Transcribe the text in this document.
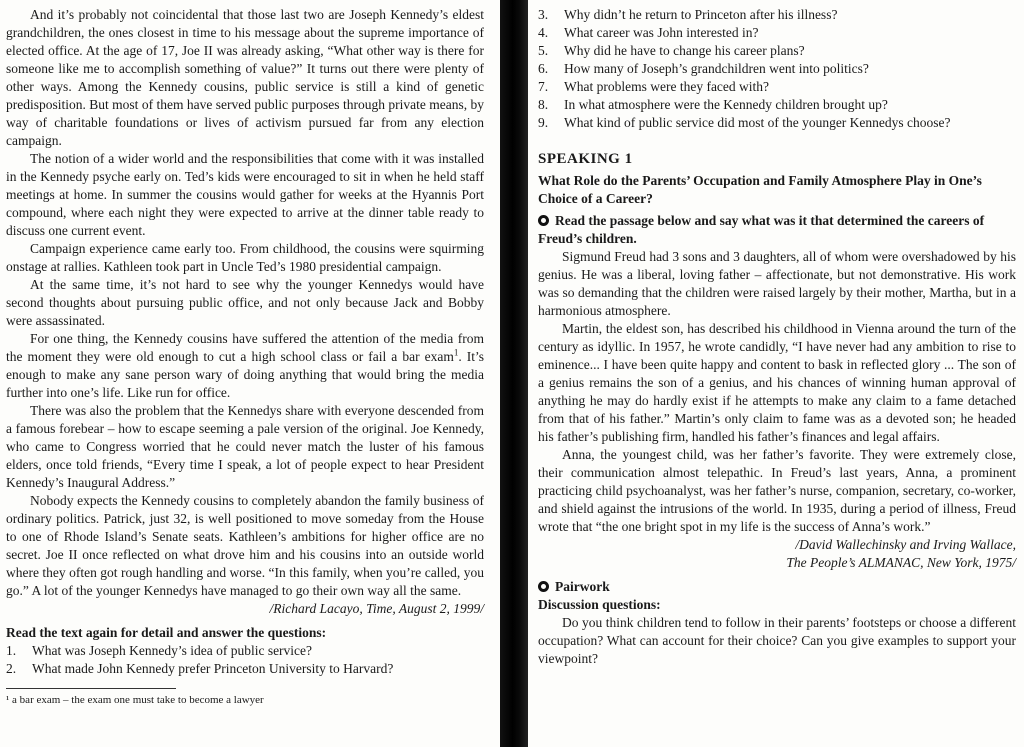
And it’s probably not coincidental that those last two are Joseph Kennedy’s eldest grandchildren, the ones closest in time to his message about the supreme importance of elected office. At the age of 17, Joe II was already asking, “What other way is there for someone like me to accomplish something of value?” It turns out there were plenty of other ways. Among the Kennedy cousins, public service is still a kind of genetic predisposition. But most of them have served public purposes through private means, by way of charitable foundations or lives of activism pursued far from any election campaign.

The notion of a wider world and the responsibilities that come with it was installed in the Kennedy psyche early on. Ted’s kids were encouraged to sit in when he held staff meetings at home. In summer the cousins would gather for weeks at the Hyannis Port compound, where each night they were expected to arrive at the dinner table ready to discuss one current event.

Campaign experience came early too. From childhood, the cousins were squirming onstage at rallies. Kathleen took part in Uncle Ted’s 1980 presidential campaign.

At the same time, it’s not hard to see why the younger Kennedys would have second thoughts about pursuing public office, and not only because Jack and Bobby were assassinated.

For one thing, the Kennedy cousins have suffered the attention of the media from the moment they were old enough to cut a high school class or fail a bar exam$^1$. It’s enough to make any sane person wary of doing anything that would bring the media further into one’s life. Like run for office.

There was also the problem that the Kennedys share with everyone descended from a famous forebear – how to escape seeming a pale version of the original. Joe Kennedy, who came to Congress worried that he could never match the luster of his famous elders, once told friends, “Every time I speak, a lot of people expect to hear President Kennedy’s Inaugural Address.”

Nobody expects the Kennedy cousins to completely abandon the family business of ordinary politics. Patrick, just 32, is well positioned to move someday from the House to one of Rhode Island’s Senate seats. Kathleen’s ambitions for higher office are no secret. Joe II once reflected on what drove him and his cousins into an outside world where they often got rough handling and worse. “In this family, when you’re called, you go.” A lot of the younger Kennedys have managed to go their own way all the same.

/Richard Lacayo, Time, August 2, 1999/

Read the text again for detail and answer the questions:

1.	What was Joseph Kennedy’s idea of public service?
2.	What made John Kennedy prefer Princeton University to Harvard?

¹ a bar exam – the exam one must take to become a lawyer

3.	Why didn’t he return to Princeton after his illness?
4.	What career was John interested in?
5.	Why did he have to change his career plans?
6.	How many of Joseph’s grandchildren went into politics?
7.	What problems were they faced with?
8.	In what atmosphere were the Kennedy children brought up?
9.	What kind of public service did most of the younger Kennedys choose?

SPEAKING 1

What Role do the Parents’ Occupation and Family Atmosphere Play in One’s Choice of a Career?

Read the passage below and say what was it that determined the careers of Freud’s children.

Sigmund Freud had 3 sons and 3 daughters, all of whom were overshadowed by his genius. He was a liberal, loving father – affectionate, but not demonstrative. His work was so demanding that the children were raised largely by their mother, Martha, but in a harmonious atmosphere.

Martin, the eldest son, has described his childhood in Vienna around the turn of the century as idyllic. In 1957, he wrote candidly, “I have never had any ambition to rise to eminence... I have been quite happy and content to bask in reflected glory ... The son of a genius remains the son of a genius, and his chances of winning human approval of anything he may do hardly exist if he attempts to make any claim to a fame detached from that of his father.” Martin’s only claim to fame was as a devoted son; he headed his father’s publishing firm, handled his father’s finances and legal affairs.

Anna, the youngest child, was her father’s favorite. They were extremely close, their communication almost telepathic. In Freud’s last years, Anna, a prominent practicing child psychoanalyst, was her father’s nurse, companion, secretary, co-worker, and shield against the intrusions of the world. In 1935, during a period of illness, Freud wrote that “the one bright spot in my life is the success of Anna’s work.”

/David Wallechinsky and Irving Wallace,

The People’s ALMANAC, New York, 1975/

Pairwork

Discussion questions:

Do you think children tend to follow in their parents’ footsteps or choose a different occupation? What can account for their choice? Can you give examples to support your viewpoint?
